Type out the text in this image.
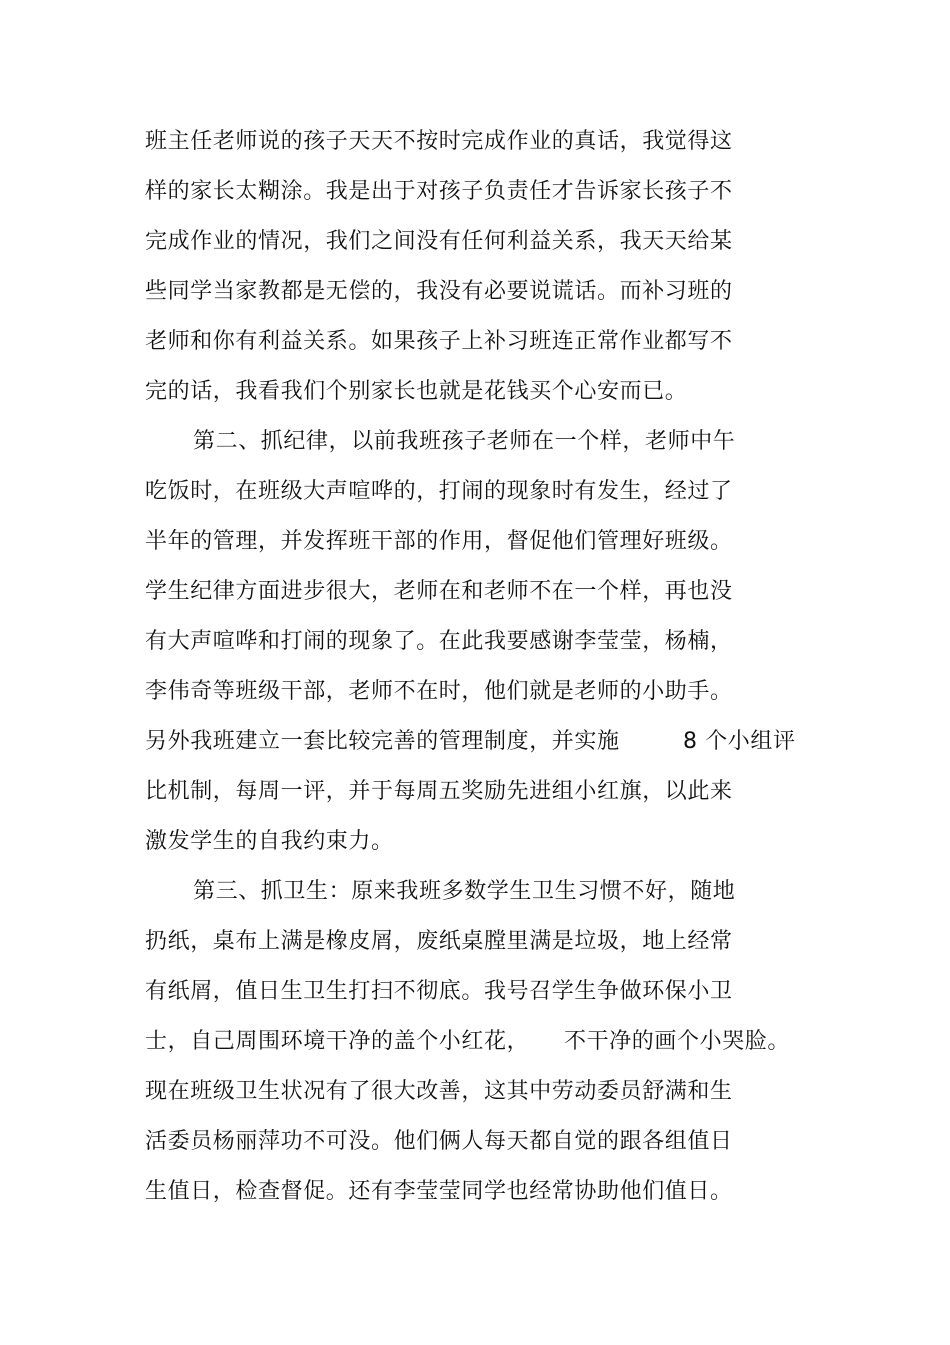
班主任老师说的孩子天天不按时完成作业的真话，我觉得这
样的家长太糊涂。我是出于对孩子负责任才告诉家长孩子不
完成作业的情况，我们之间没有任何利益关系，我天天给某
些同学当家教都是无偿的，我没有必要说谎话。而补习班的
老师和你有利益关系。如果孩子上补习班连正常作业都写不
完的话，我看我们个别家长也就是花钱买个心安而已。
第二、抓纪律，以前我班孩子老师在一个样，老师中午
吃饭时，在班级大声喧哗的，打闹的现象时有发生，经过了
半年的管理，并发挥班干部的作用，督促他们管理好班级。
学生纪律方面进步很大，老师在和老师不在一个样，再也没
有大声喧哗和打闹的现象了。在此我要感谢李莹莹，杨楠，
李伟奇等班级干部，老师不在时，他们就是老师的小助手。
另外我班建立一套比较完善的管理制度，并实施	8 个小组评
比机制，每周一评，并于每周五奖励先进组小红旗，以此来
激发学生的自我约束力。
第三、抓卫生：原来我班多数学生卫生习惯不好，随地
扔纸，桌布上满是橡皮屑，废纸桌膛里满是垃圾，地上经常
有纸屑，值日生卫生打扫不彻底。我号召学生争做环保小卫
士，自己周围环境干净的盖个小红花， 不干净的画个小哭脸。
现在班级卫生状况有了很大改善，这其中劳动委员舒满和生
活委员杨丽萍功不可没。他们俩人每天都自觉的跟各组值日
生值日，检查督促。还有李莹莹同学也经常协助他们值日。
